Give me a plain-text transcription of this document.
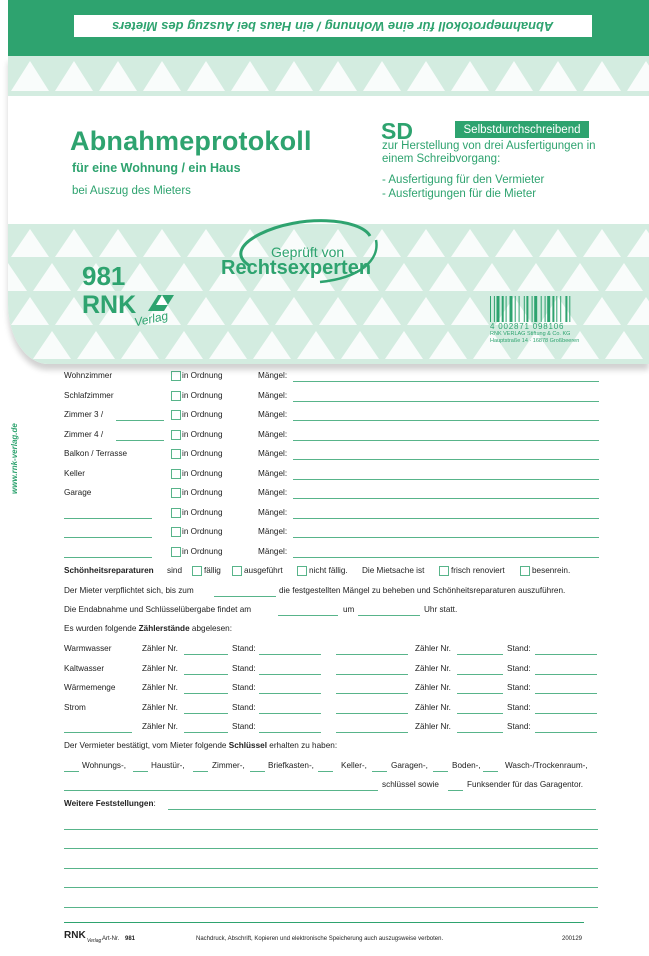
Abnahmeprotokoll für eine Wohnung / ein Haus bei Auszug des Mieters
Wohnzimmer	in Ordnung	Mängel:
Schlafzimmer	in Ordnung	Mängel:
Zimmer 3 /	in Ordnung	Mängel:
Zimmer 4 /	in Ordnung	Mängel:
Balkon / Terrasse	in Ordnung	Mängel:
Keller	in Ordnung	Mängel:
Garage	in Ordnung	Mängel:
in Ordnung	Mängel:
in Ordnung	Mängel:
in Ordnung	Mängel:
Schönheitsreparaturen sind	fällig	ausgeführt	nicht fällig. Die Mietsache ist	frisch renoviert	besenrein.
Der Mieter verpflichtet sich, bis zum	die festgestellten Mängel zu beheben und Schönheitsreparaturen auszuführen.
Die Endabnahme und Schlüsselübergabe findet am	um	Uhr statt.
Es wurden folgende Zählerstände abgelesen:
Warmwasser	Zähler Nr.	Stand:	Zähler Nr.	Stand:
Kaltwasser	Zähler Nr.	Stand:	Zähler Nr.	Stand:
Wärmemenge	Zähler Nr.	Stand:	Zähler Nr.	Stand:
Strom	Zähler Nr.	Stand:	Zähler Nr.	Stand:
Zähler Nr.	Stand:	Zähler Nr.	Stand:
Der Vermieter bestätigt, vom Mieter folgende Schlüssel erhalten zu haben:
Wohnungs-,	Haustür-,	Zimmer-,	Briefkasten-,	Keller-,	Garagen-,	Boden-,	Wasch-/Trockenraum-,
schlüssel sowie	Funksender für das Garagentor.
Weitere Feststellungen:
Abnahmeprotokoll
für eine Wohnung / ein Haus
bei Auszug des Mieters
SD	Selbstdurchschreibend
zur Herstellung von drei Ausfertigungen in einem Schreibvorgang:
- Ausfertigung für den Vermieter
- Ausfertigungen für die Mieter
Geprüft von
Rechtsexperten
981
RNK
Verlag	4 002871 098106
RNK VERLAG Stiftung & Co. KG
Hauptstraße 14 · 16878 Großbeeren
www.rnk-verlag.de
RNK Verlag Art-Nr. 981	Nachdruck, Abschrift, Kopieren und elektronische Speicherung auch auszugsweise verboten.	200129
